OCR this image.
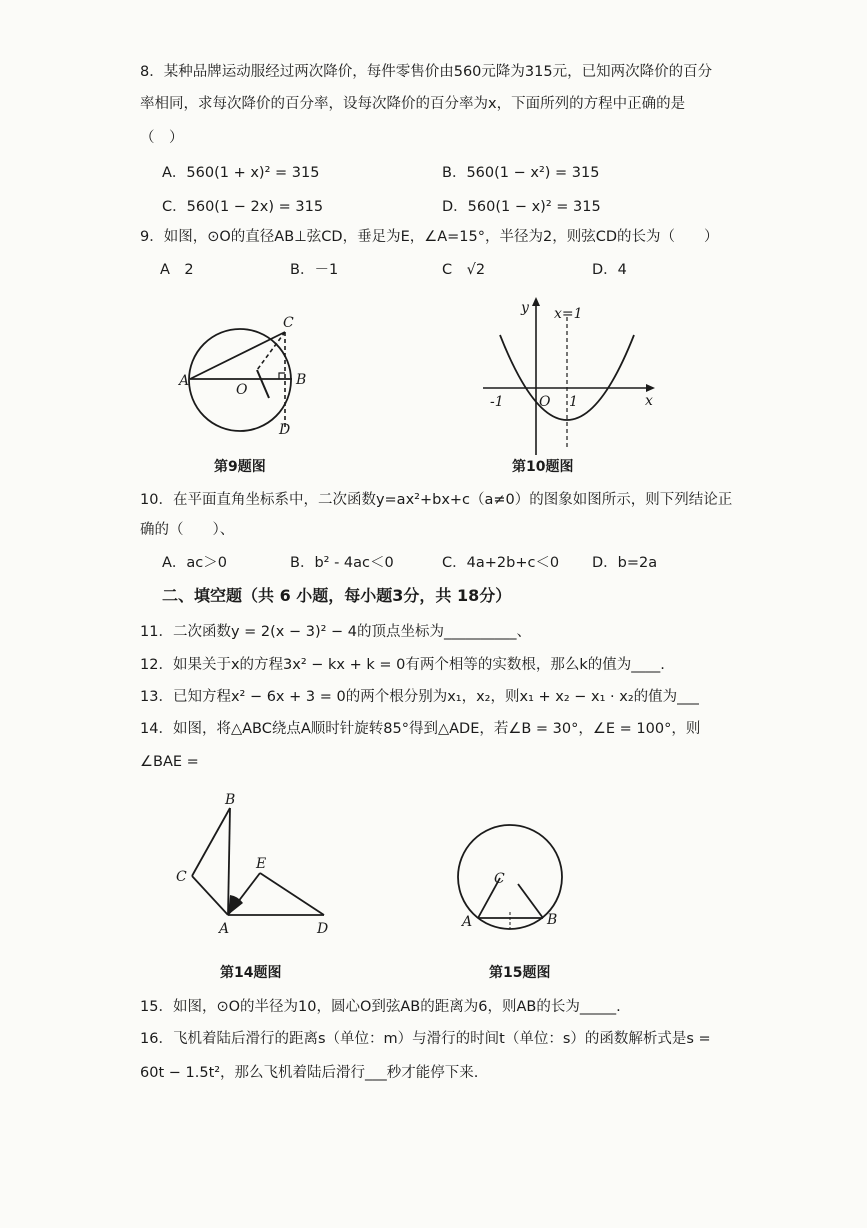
8．某种品牌运动服经过两次降价，每件零售价由560元降为315元，已知两次降价的百分
率相同，求每次降价的百分率，设每次降价的百分率为x，下面所列的方程中正确的是
（　）
A．560(1 + x)² = 315	B．560(1 − x²) = 315
C．560(1 − 2x) = 315	D．560(1 − x)² = 315
9．如图，⊙O的直径AB⊥弦CD，垂足为E，∠A=15°，半径为2，则弦CD的长为（　　）
A　2	B．－1	C　√2	D．4
A	B
C
D
O
第9题图
y
x
x=1
-1	O 1
第10题图
10．在平面直角坐标系中，二次函数y=ax²+bx+c（a≠0）的图象如图所示，则下列结论正
确的（　　）、
A．ac＞0	B．b² - 4ac＜0	C．4a+2b+c＜0 D．b=2a
二、填空题（共 6 小题，每小题3分，共 18分）
11．二次函数y = 2(x − 3)² − 4的顶点坐标为__________、
12．如果关于x的方程3x² − kx + k = 0有两个相等的实数根，那么k的值为____.
13．已知方程x² − 6x + 3 = 0的两个根分别为x₁，x₂，则x₁ + x₂ − x₁ · x₂的值为___
14．如图，将△ABC绕点A顺时针旋转85°得到△ADE，若∠B = 30°，∠E = 100°，则
∠BAE =
B
C
E
A	D
第14题图
C
A	B
第15题图
15．如图，⊙O的半径为10，圆心O到弦AB的距离为6，则AB的长为_____.
16．飞机着陆后滑行的距离s（单位：m）与滑行的时间t（单位：s）的函数解析式是s =
60t − 1.5t²，那么飞机着陆后滑行___秒才能停下来.
